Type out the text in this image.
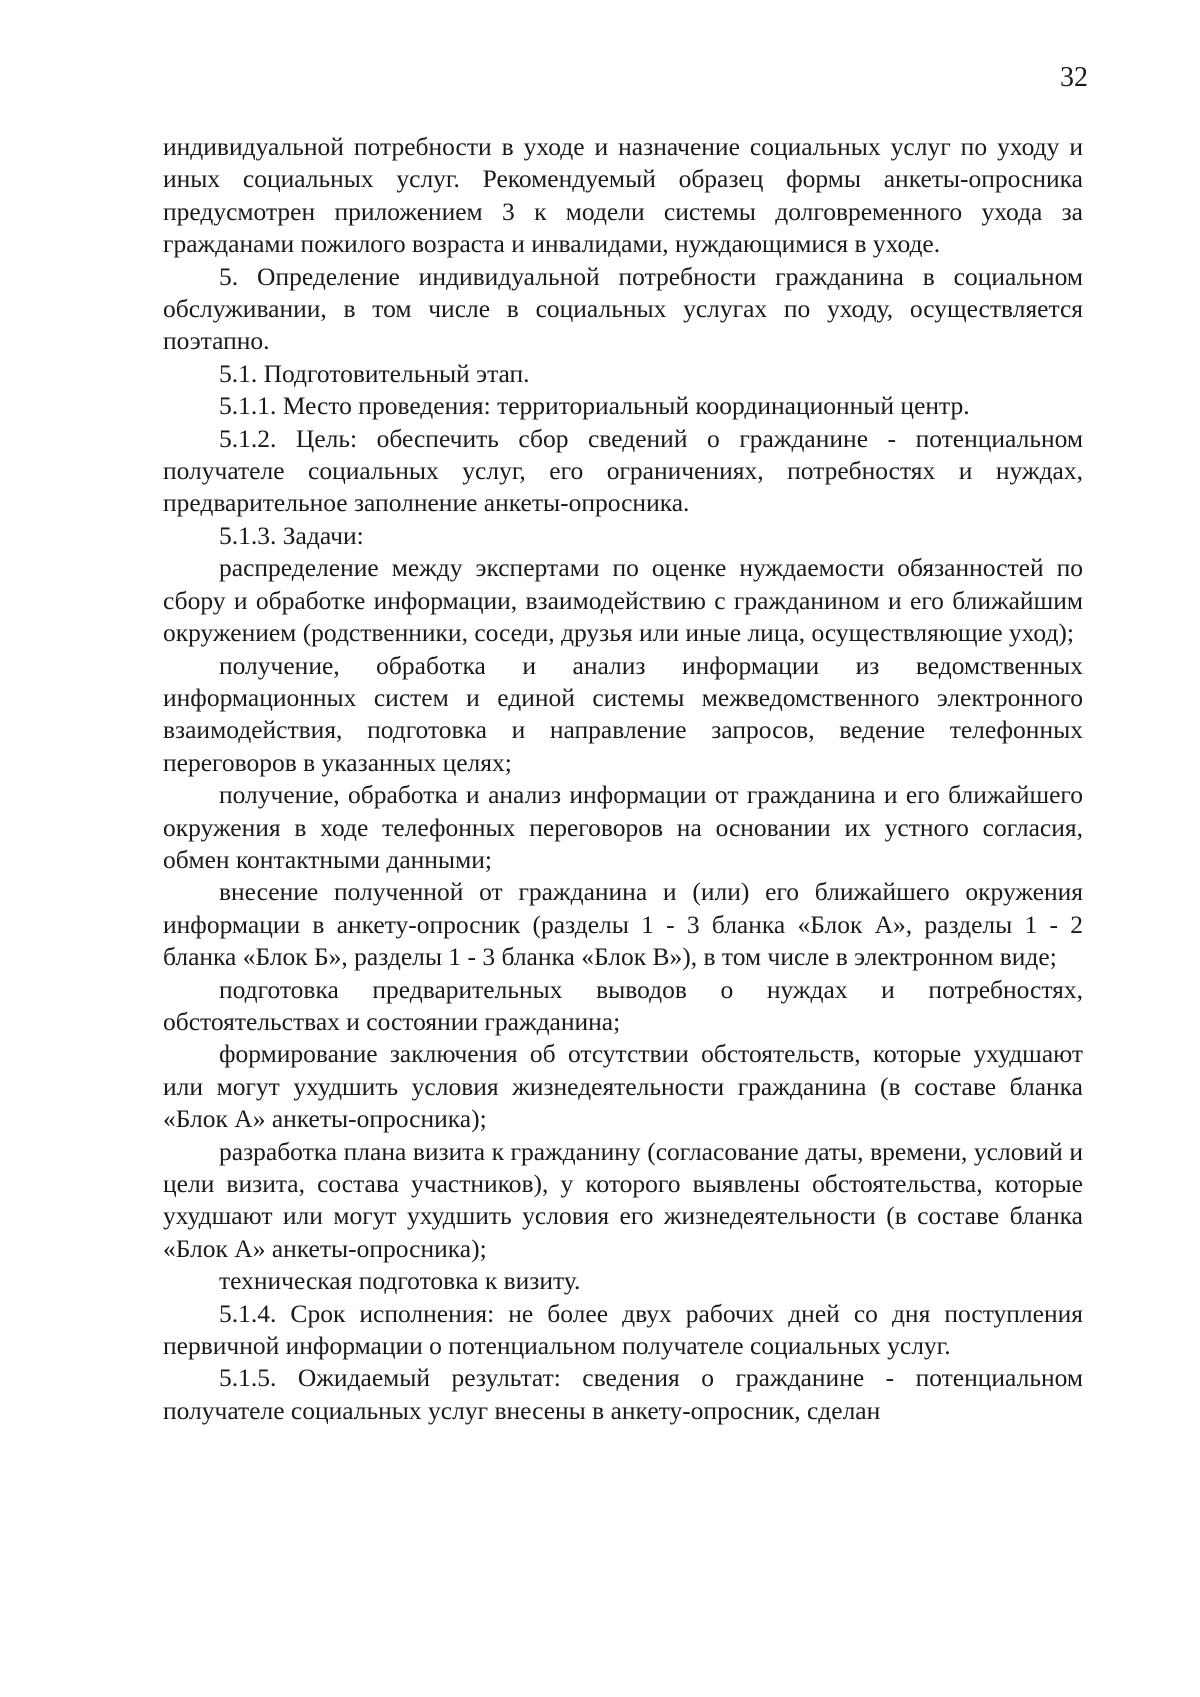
32

индивидуальной потребности в уходе и назначение социальных услуг по уходу и иных социальных услуг. Рекомендуемый образец формы анкеты-опросника предусмотрен приложением 3 к модели системы долговременного ухода за гражданами пожилого возраста и инвалидами, нуждающимися в уходе.

5. Определение индивидуальной потребности гражданина в социальном обслуживании, в том числе в социальных услугах по уходу, осуществляется поэтапно.

5.1. Подготовительный этап.

5.1.1. Место проведения: территориальный координационный центр.

5.1.2. Цель: обеспечить сбор сведений о гражданине - потенциальном получателе социальных услуг, его ограничениях, потребностях и нуждах, предварительное заполнение анкеты-опросника.

5.1.3. Задачи:

распределение между экспертами по оценке нуждаемости обязанностей по сбору и обработке информации, взаимодействию с гражданином и его ближайшим окружением (родственники, соседи, друзья или иные лица, осуществляющие уход);

получение, обработка и анализ информации из ведомственных информационных систем и единой системы межведомственного электронного взаимодействия, подготовка и направление запросов, ведение телефонных переговоров в указанных целях;

получение, обработка и анализ информации от гражданина и его ближайшего окружения в ходе телефонных переговоров на основании их устного согласия, обмен контактными данными;

внесение полученной от гражданина и (или) его ближайшего окружения информации в анкету-опросник (разделы 1 - 3 бланка «Блок А», разделы 1 - 2 бланка «Блок Б», разделы 1 - 3 бланка «Блок В»), в том числе в электронном виде;

подготовка предварительных выводов о нуждах и потребностях, обстоятельствах и состоянии гражданина;

формирование заключения об отсутствии обстоятельств, которые ухудшают или могут ухудшить условия жизнедеятельности гражданина (в составе бланка «Блок А» анкеты-опросника);

разработка плана визита к гражданину (согласование даты, времени, условий и цели визита, состава участников), у которого выявлены обстоятельства, которые ухудшают или могут ухудшить условия его жизнедеятельности (в составе бланка «Блок А» анкеты-опросника);

техническая подготовка к визиту.

5.1.4. Срок исполнения: не более двух рабочих дней со дня поступления первичной информации о потенциальном получателе социальных услуг.

5.1.5. Ожидаемый результат: сведения о гражданине - потенциальном получателе социальных услуг внесены в анкету-опросник, сделан
